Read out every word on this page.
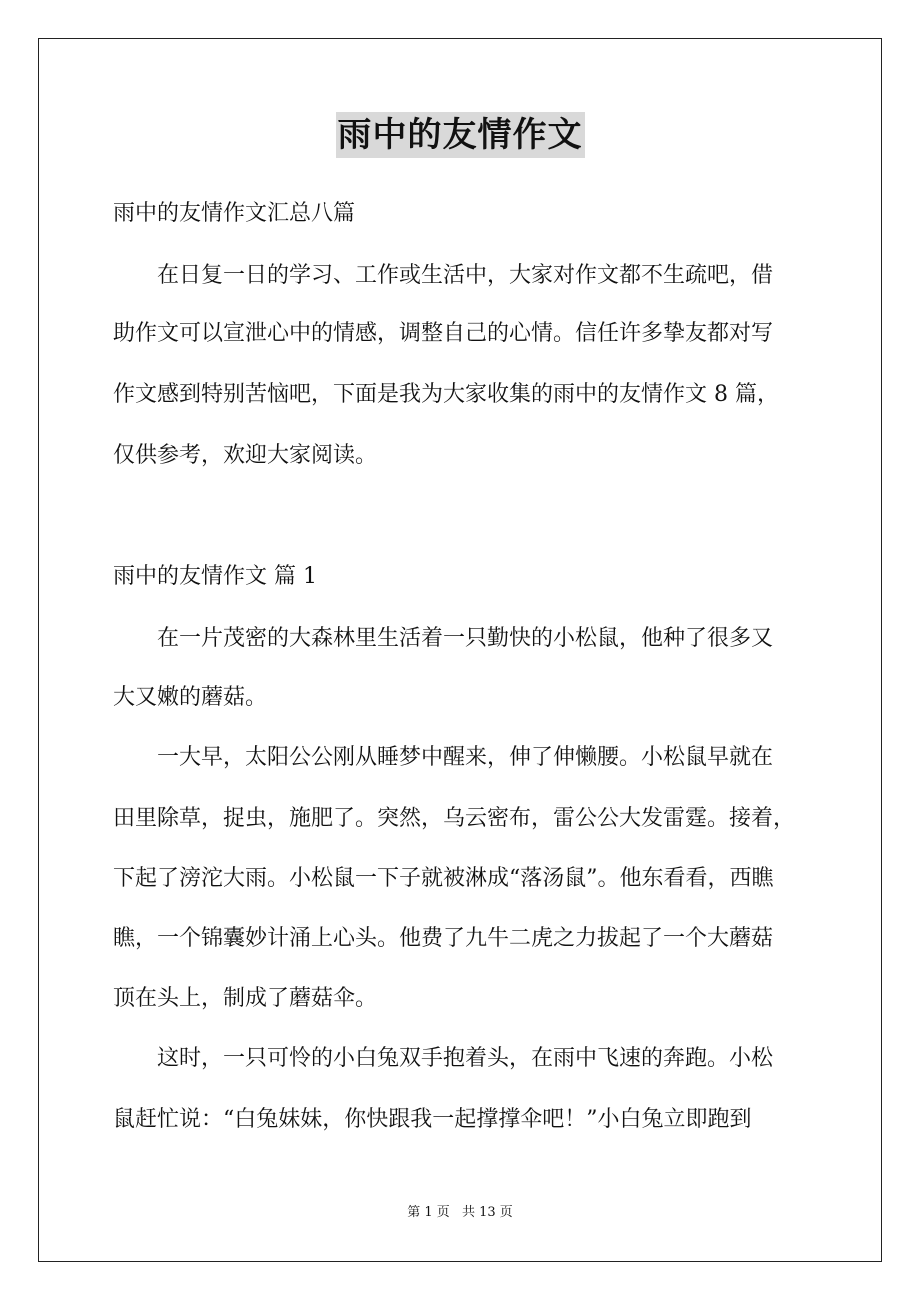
雨中的友情作文
雨中的友情作文汇总八篇
在日复一日的学习、工作或生活中，大家对作文都不生疏吧，借
助作文可以宣泄心中的情感，调整自己的心情。信任许多挚友都对写
作文感到特别苦恼吧，下面是我为大家收集的雨中的友情作文 8 篇，
仅供参考，欢迎大家阅读。
雨中的友情作文 篇 1
在一片茂密的大森林里生活着一只勤快的小松鼠，他种了很多又
大又嫩的蘑菇。
一大早，太阳公公刚从睡梦中醒来，伸了伸懒腰。小松鼠早就在
田里除草，捉虫，施肥了。突然，乌云密布，雷公公大发雷霆。接着，
下起了滂沱大雨。小松鼠一下子就被淋成“落汤鼠”。他东看看，西瞧
瞧，一个锦囊妙计涌上心头。他费了九牛二虎之力拔起了一个大蘑菇
顶在头上，制成了蘑菇伞。
这时，一只可怜的小白兔双手抱着头，在雨中飞速的奔跑。小松
鼠赶忙说：“白兔妹妹，你快跟我一起撑撑伞吧！”小白兔立即跑到
第 1 页 共 13 页
